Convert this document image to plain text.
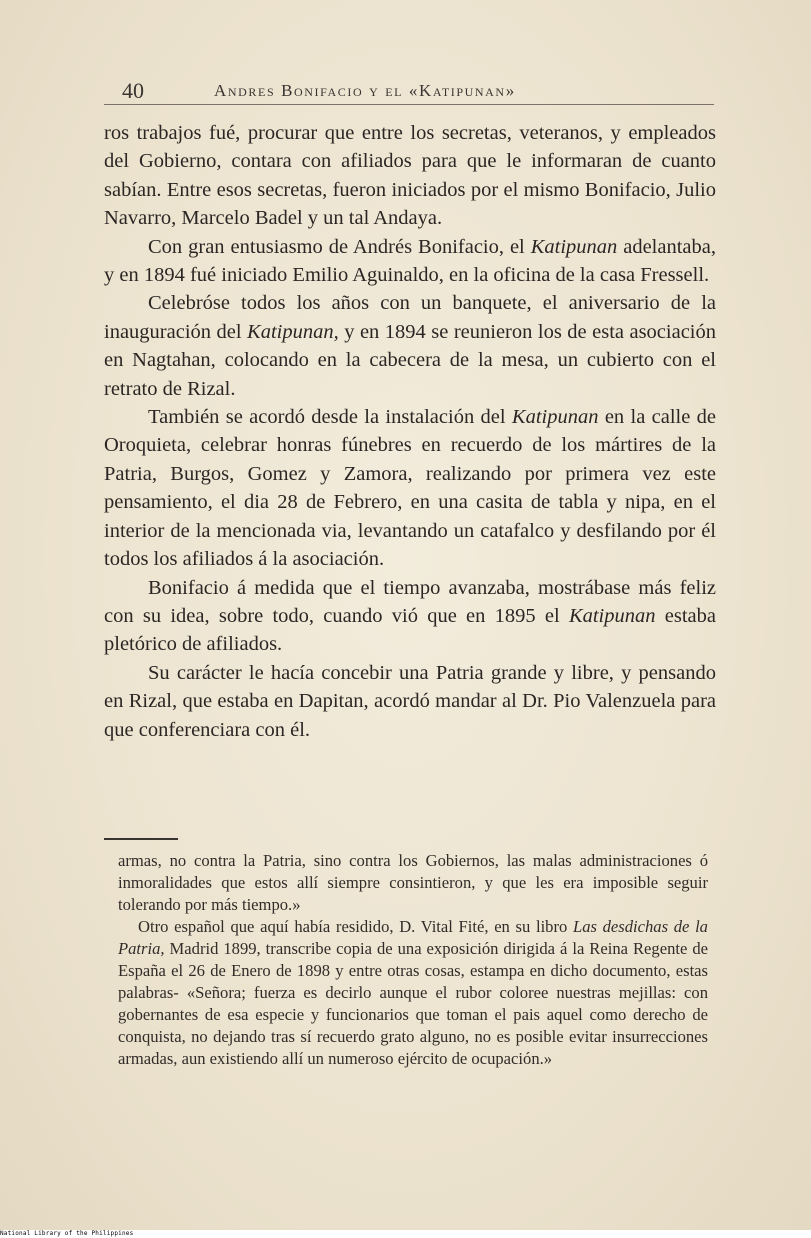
40	Andres Bonifacio y el «Katipunan»

ros trabajos fué, procurar que entre los secretas, veteranos, y empleados del Gobierno, contara con afiliados para que le informaran de cuanto sabían. Entre esos secretas, fueron iniciados por el mismo Bonifacio, Julio Navarro, Marcelo Badel y un tal Andaya.

Con gran entusiasmo de Andrés Bonifacio, el Katipunan adelantaba, y en 1894 fué iniciado Emilio Aguinaldo, en la oficina de la casa Fressell.

Celebróse todos los años con un banquete, el aniversario de la inauguración del Katipunan, y en 1894 se reunieron los de esta asociación en Nagtahan, colocando en la cabecera de la mesa, un cubierto con el retrato de Rizal.

También se acordó desde la instalación del Katipunan en la calle de Oroquieta, celebrar honras fúnebres en recuerdo de los mártires de la Patria, Burgos, Gomez y Zamora, realizando por primera vez este pensamiento, el dia 28 de Febrero, en una casita de tabla y nipa, en el interior de la mencionada via, levantando un catafalco y desfilando por él todos los afiliados á la asociación.

Bonifacio á medida que el tiempo avanzaba, mostrábase más feliz con su idea, sobre todo, cuando vió que en 1895 el Katipunan estaba pletórico de afiliados.

Su carácter le hacía concebir una Patria grande y libre, y pensando en Rizal, que estaba en Dapitan, acordó mandar al Dr. Pio Valenzuela para que conferenciara con él.

armas, no contra la Patria, sino contra los Gobiernos, las malas administraciones ó inmoralidades que estos allí siempre consintieron, y que les era imposible seguir tolerando por más tiempo.»

Otro español que aquí había residido, D. Vital Fité, en su libro Las desdichas de la Patria, Madrid 1899, transcribe copia de una exposición dirigida á la Reina Regente de España el 26 de Enero de 1898 y entre otras cosas, estampa en dicho documento, estas palabras- «Señora; fuerza es decirlo aunque el rubor coloree nuestras mejillas: con gobernantes de esa especie y funcionarios que toman el pais aquel como derecho de conquista, no dejando tras sí recuerdo grato alguno, no es posible evitar insurrecciones armadas, aun existiendo allí un numeroso ejército de ocupación.»

National Library of the Philippines
